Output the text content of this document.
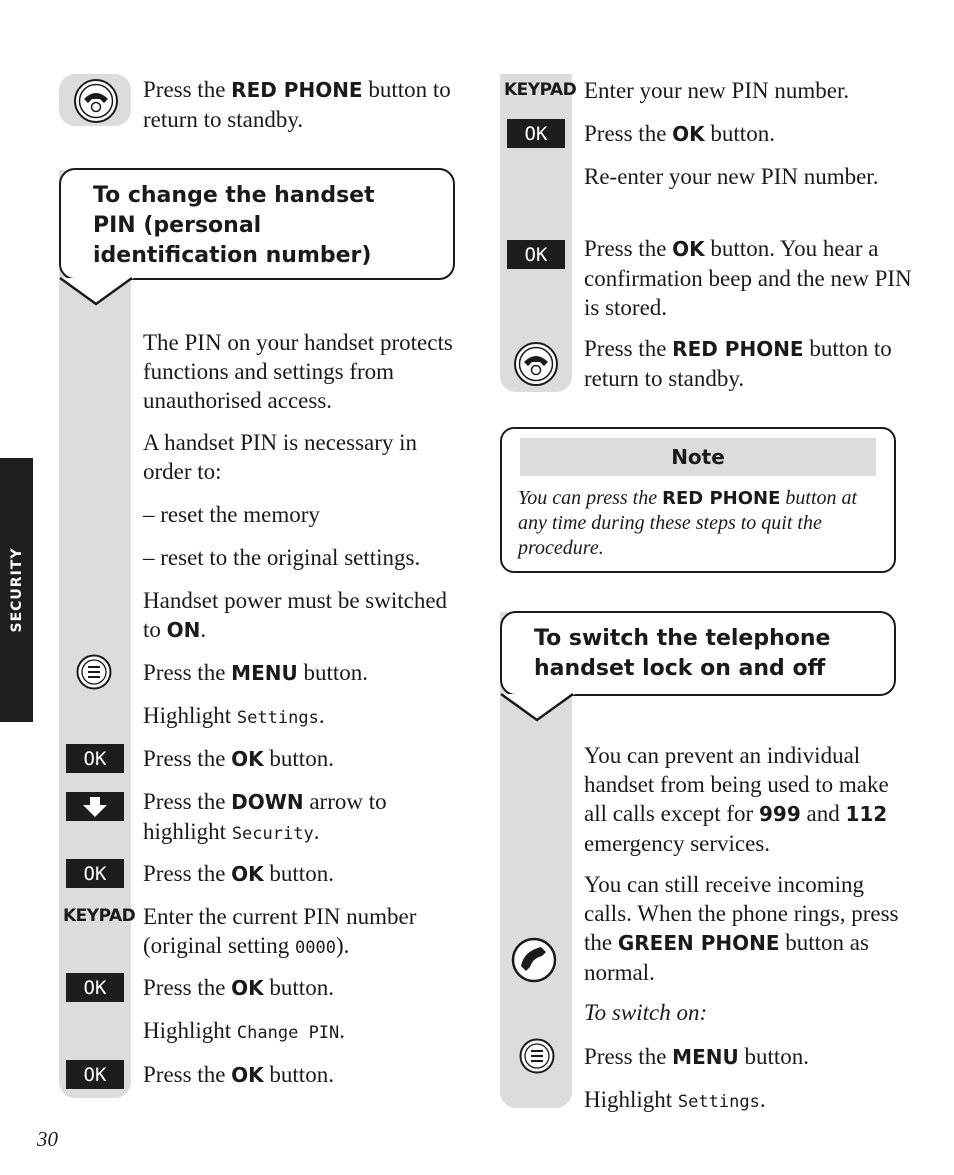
SECURITY

Press the RED PHONE button to return to standby.

To change the handset PIN (personal identification number)

The PIN on your handset protects functions and settings from unauthorised access.

A handset PIN is necessary in order to:

– reset the memory

– reset to the original settings.

Handset power must be switched to ON.

Press the MENU button.

Highlight Settings.

OK	Press the OK button.

Press the DOWN arrow to highlight Security.

OK	Press the OK button.

KEYPAD Enter the current PIN number (original setting 0000).

OK	Press the OK button.

Highlight Change PIN.

OK	Press the OK button.

KEYPAD Enter your new PIN number.

OK	Press the OK button.

Re-enter your new PIN number.

OK	Press the OK button. You hear a confirmation beep and the new PIN is stored.

Press the RED PHONE button to return to standby.

Note
You can press the RED PHONE button at any time during these steps to quit the procedure.
To switch the telephone handset lock on and off

You can prevent an individual handset from being used to make all calls except for 999 and 112 emergency services.

You can still receive incoming calls. When the phone rings, press the GREEN PHONE button as normal.

To switch on:

Press the MENU button.

Highlight Settings.

30
